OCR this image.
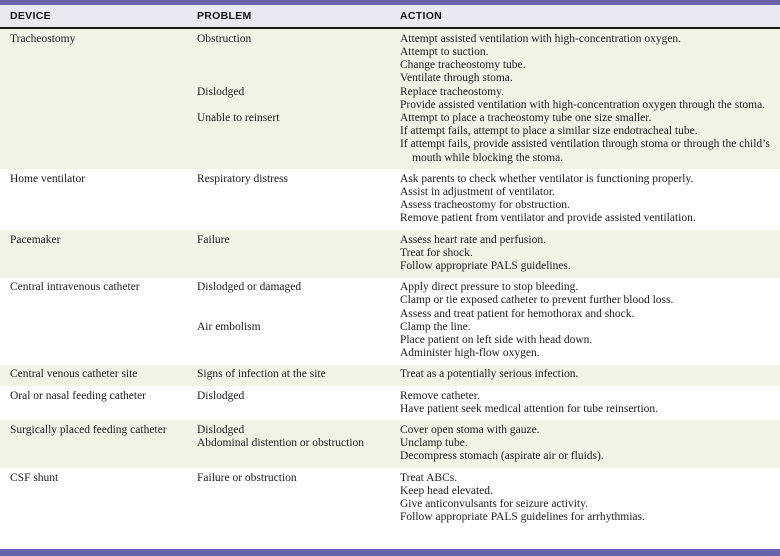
DEVICE	PROBLEM	ACTION
Tracheostomy	Obstruction	Attempt assisted ventilation with high-concentration oxygen.
Attempt to suction.
Change tracheostomy tube.
Ventilate through stoma.
Dislodged	Replace tracheostomy.
Provide assisted ventilation with high-concentration oxygen through the stoma.
Unable to reinsert	Attempt to place a tracheostomy tube one size smaller.
If attempt fails, attempt to place a similar size endotracheal tube.
If attempt fails, provide assisted ventilation through stoma or through the child’s mouth while blocking the stoma.
Home ventilator	Respiratory distress	Ask parents to check whether ventilator is functioning properly.
Assist in adjustment of ventilator.
Assess tracheostomy for obstruction.
Remove patient from ventilator and provide assisted ventilation.
Pacemaker	Failure	Assess heart rate and perfusion.
Treat for shock.
Follow appropriate PALS guidelines.
Central intravenous catheter	Dislodged or damaged	Apply direct pressure to stop bleeding.
Clamp or tie exposed catheter to prevent further blood loss.
Assess and treat patient for hemothorax and shock.
Air embolism	Clamp the line.
Place patient on left side with head down.
Administer high-flow oxygen.
Central venous catheter site	Signs of infection at the site	Treat as a potentially serious infection.
Oral or nasal feeding catheter	Dislodged	Remove catheter.
Have patient seek medical attention for tube reinsertion.
Surgically placed feeding catheter	Dislodged	Cover open stoma with gauze.
Abdominal distention or obstruction	Unclamp tube.
Decompress stomach (aspirate air or fluids).
CSF shunt	Failure or obstruction	Treat ABCs.
Keep head elevated.
Give anticonvulsants for seizure activity.
Follow appropriate PALS guidelines for arrhythmias.
